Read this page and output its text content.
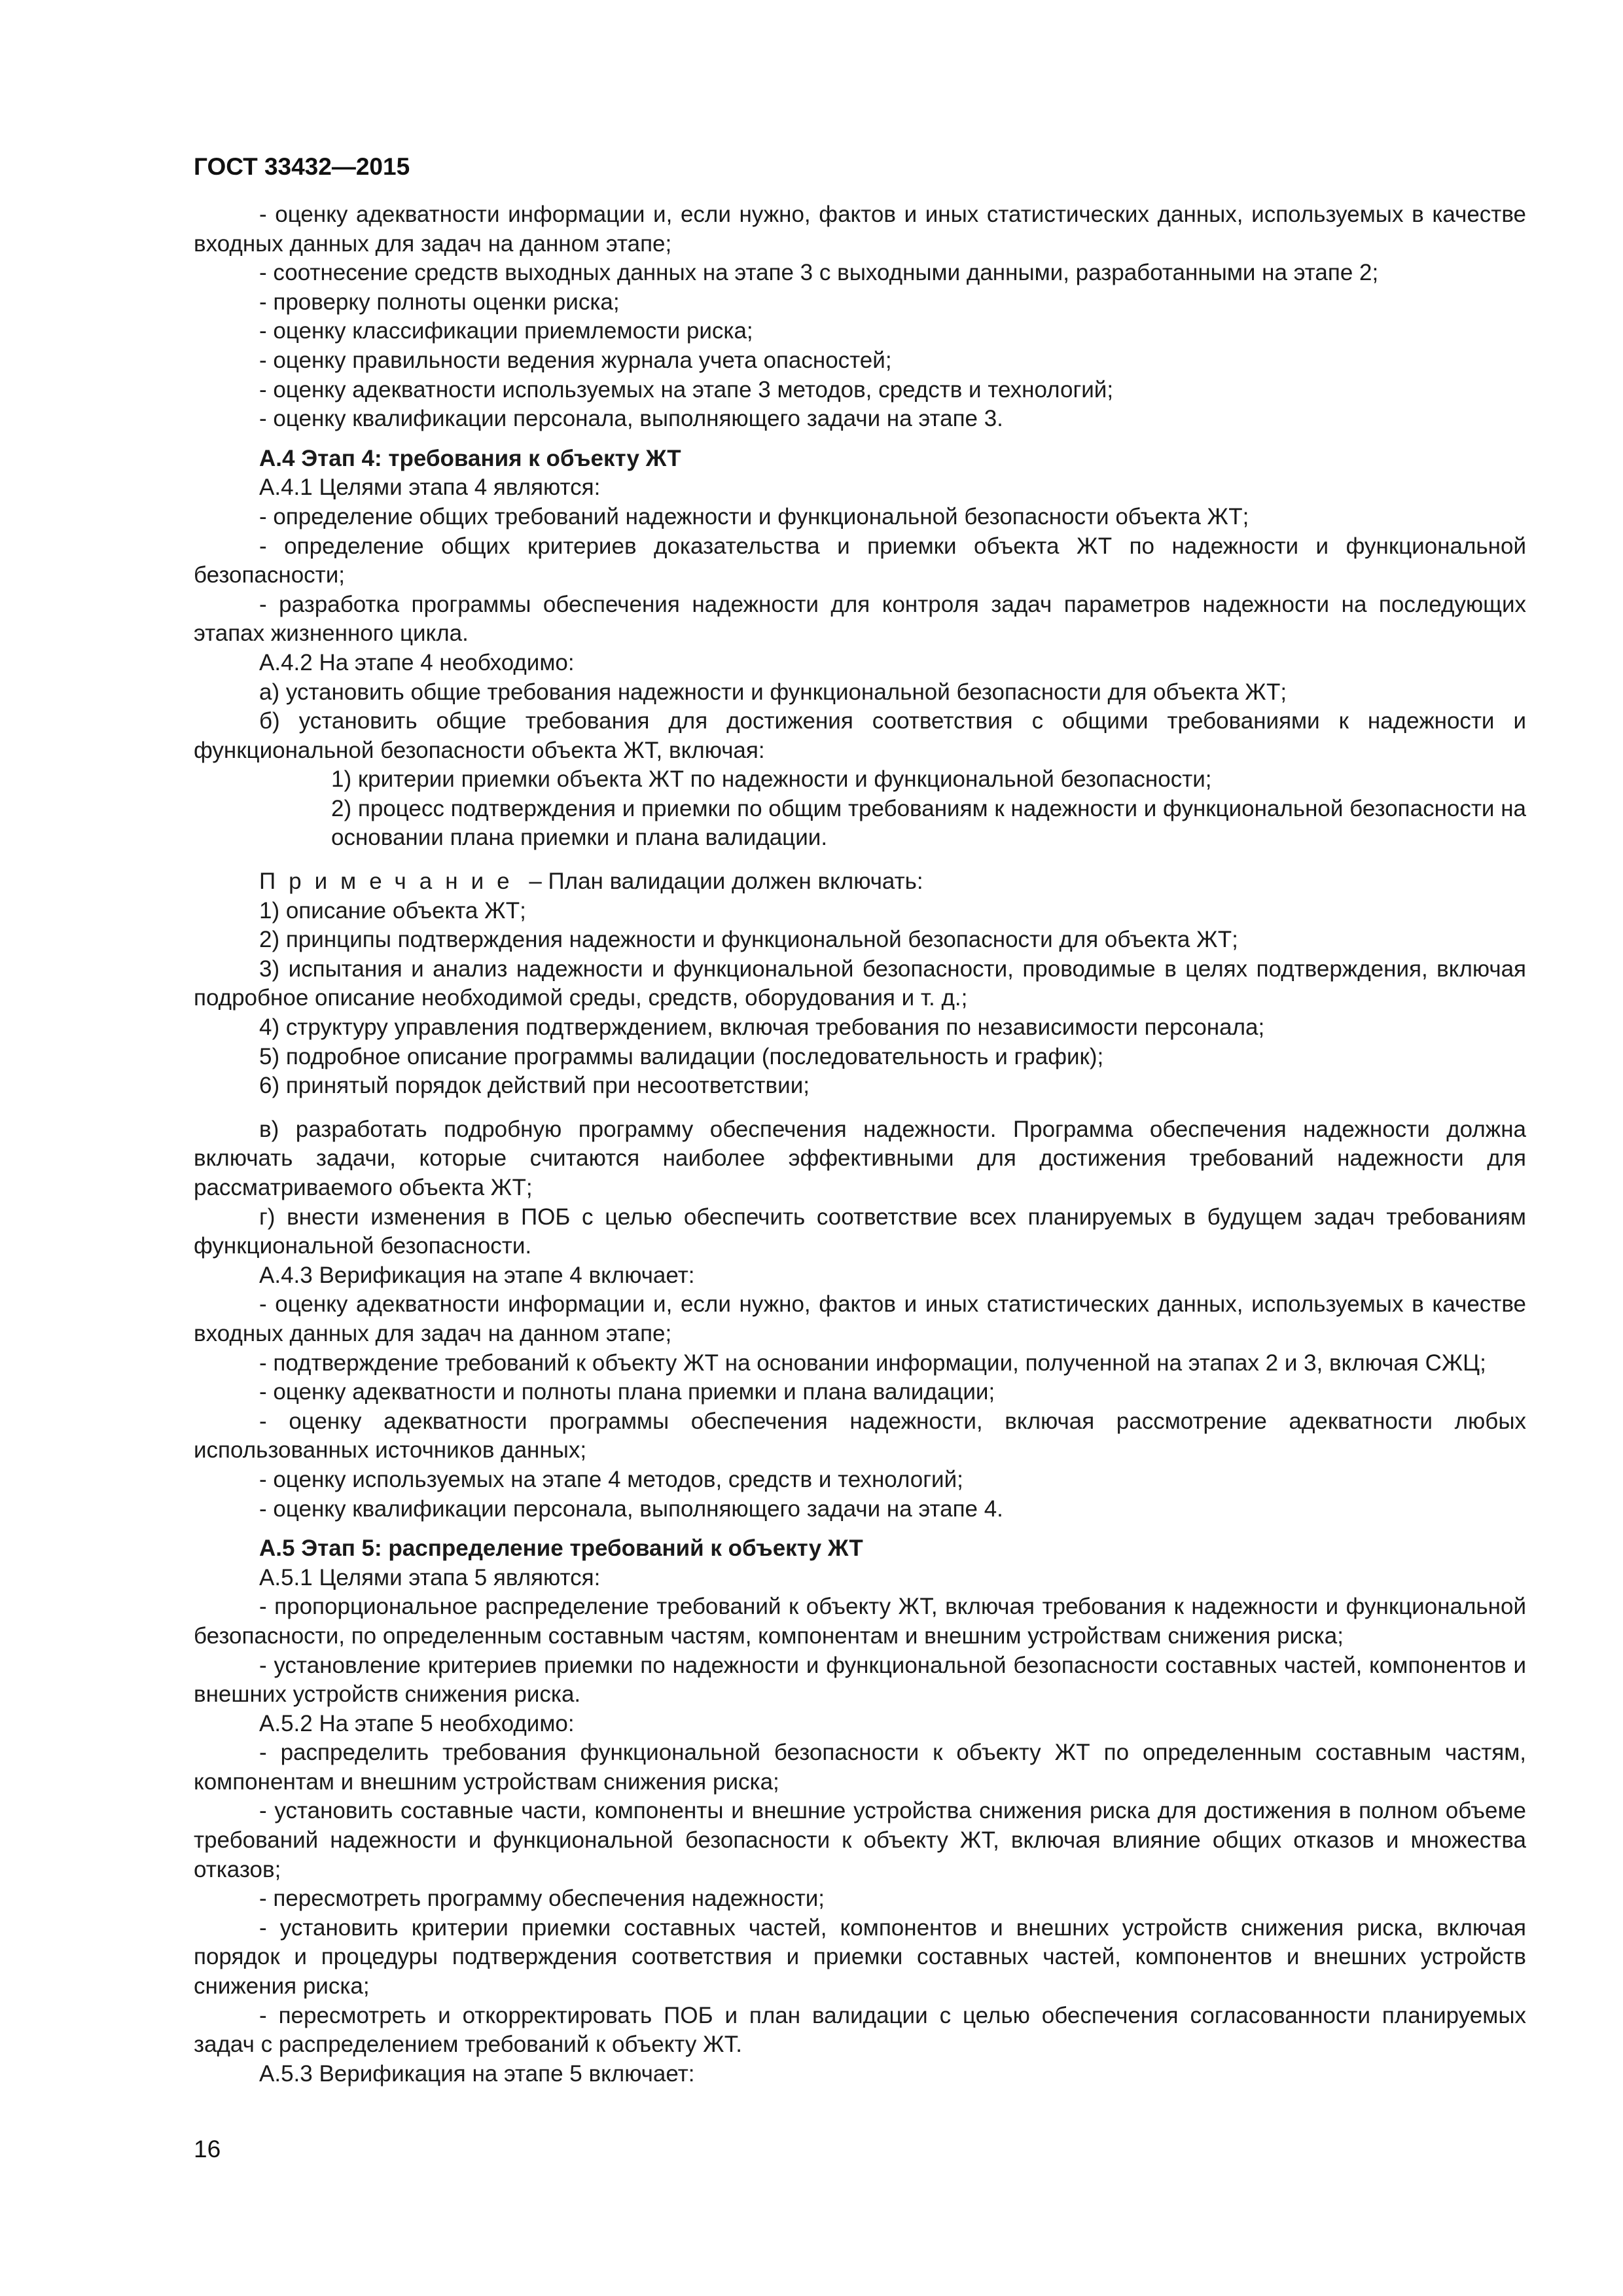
ГОСТ 33432—2015

- оценку адекватности информации и, если нужно, фактов и иных статистических данных, используемых в качестве входных данных для задач на данном этапе;

- соотнесение средств выходных данных на этапе 3 с выходными данными, разработанными на этапе 2;

- проверку полноты оценки риска;

- оценку классификации приемлемости риска;

- оценку правильности ведения журнала учета опасностей;

- оценку адекватности используемых на этапе 3 методов, средств и технологий;

- оценку квалификации персонала, выполняющего задачи на этапе 3.

А.4 Этап 4: требования к объекту ЖТ

А.4.1 Целями этапа 4 являются:

- определение общих требований надежности и функциональной безопасности объекта ЖТ;

- определение общих критериев доказательства и приемки объекта ЖТ по надежности и функциональной безопасности;

- разработка программы обеспечения надежности для контроля задач параметров надежности на последующих этапах жизненного цикла.

А.4.2 На этапе 4 необходимо:

а) установить общие требования надежности и функциональной безопасности для объекта ЖТ;

б) установить общие требования для достижения соответствия с общими требованиями к надежности и функциональной безопасности объекта ЖТ, включая:

1) критерии приемки объекта ЖТ по надежности и функциональной безопасности;

2) процесс подтверждения и приемки по общим требованиям к надежности и функциональной безопасности на основании плана приемки и плана валидации.

Примечание – План валидации должен включать:

1) описание объекта ЖТ;

2) принципы подтверждения надежности и функциональной безопасности для объекта ЖТ;

3) испытания и анализ надежности и функциональной безопасности, проводимые в целях подтверждения, включая подробное описание необходимой среды, средств, оборудования и т. д.;

4) структуру управления подтверждением, включая требования по независимости персонала;

5) подробное описание программы валидации (последовательность и график);

6) принятый порядок действий при несоответствии;

в) разработать подробную программу обеспечения надежности. Программа обеспечения надежности должна включать задачи, которые считаются наиболее эффективными для достижения требований надежности для рассматриваемого объекта ЖТ;

г) внести изменения в ПОБ с целью обеспечить соответствие всех планируемых в будущем задач требованиям функциональной безопасности.

А.4.3 Верификация на этапе 4 включает:

- оценку адекватности информации и, если нужно, фактов и иных статистических данных, используемых в качестве входных данных для задач на данном этапе;

- подтверждение требований к объекту ЖТ на основании информации, полученной на этапах 2 и 3, включая СЖЦ;

- оценку адекватности и полноты плана приемки и плана валидации;

- оценку адекватности программы обеспечения надежности, включая рассмотрение адекватности любых использованных источников данных;

- оценку используемых на этапе 4 методов, средств и технологий;

- оценку квалификации персонала, выполняющего задачи на этапе 4.

А.5 Этап 5: распределение требований к объекту ЖТ

А.5.1 Целями этапа 5 являются:

- пропорциональное распределение требований к объекту ЖТ, включая требования к надежности и функциональной безопасности, по определенным составным частям, компонентам и внешним устройствам снижения риска;

- установление критериев приемки по надежности и функциональной безопасности составных частей, компонентов и внешних устройств снижения риска.

А.5.2 На этапе 5 необходимо:

- распределить требования функциональной безопасности к объекту ЖТ по определенным составным частям, компонентам и внешним устройствам снижения риска;

- установить составные части, компоненты и внешние устройства снижения риска для достижения в полном объеме требований надежности и функциональной безопасности к объекту ЖТ, включая влияние общих отказов и множества отказов;

- пересмотреть программу обеспечения надежности;

- установить критерии приемки составных частей, компонентов и внешних устройств снижения риска, включая порядок и процедуры подтверждения соответствия и приемки составных частей, компонентов и внешних устройств снижения риска;

- пересмотреть и откорректировать ПОБ и план валидации с целью обеспечения согласованности планируемых задач с распределением требований к объекту ЖТ.

А.5.3 Верификация на этапе 5 включает:

16
